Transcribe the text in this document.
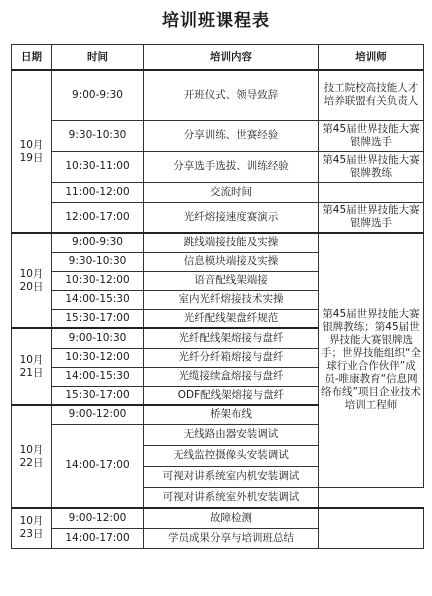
培训班课程表
日期	时间	培训内容	培训师
10月19日	9:00-9:30	开班仪式、领导致辞	技工院校高技能人才培养联盟有关负责人
	9:30-10:30	分享训练、世赛经验	第45届世界技能大赛银牌选手
	10:30-11:00	分享选手选拔、训练经验	第45届世界技能大赛银牌教练
	11:00-12:00	交流时间	
	12:00-17:00	光纤熔接速度赛演示	第45届世界技能大赛银牌选手
10月20日	9:00-9:30	跳线端接技能及实操	第45届世界技能大赛银牌教练；第45届世界技能大赛银牌选手；世界技能组织“全球行业合作伙伴”成员-唯康教育“信息网络布线”项目企业技术培训工程师
	9:30-10:30	信息模块端接及实操	
	10:30-12:00	语音配线架端接	
	14:00-15:30	室内光纤熔接技术实操	
	15:30-17:00	光纤配线架盘纤规范	
10月21日	9:00-10:30	光纤配线架熔接与盘纤	
	10:30-12:00	光纤分纤箱熔接与盘纤	
	14:00-15:30	光缆接续盒熔接与盘纤	
	15:30-17:00	ODF配线架熔接与盘纤	
10月22日	9:00-12:00	桥架布线	
	14:00-17:00	无线路由器安装调试	
		无线监控摄像头安装调试	
		可视对讲系统室内机安装调试	
		可视对讲系统室外机安装调试	
10月23日	9:00-12:00	故障检测	
	14:00-17:00	学员成果分享与培训班总结	
